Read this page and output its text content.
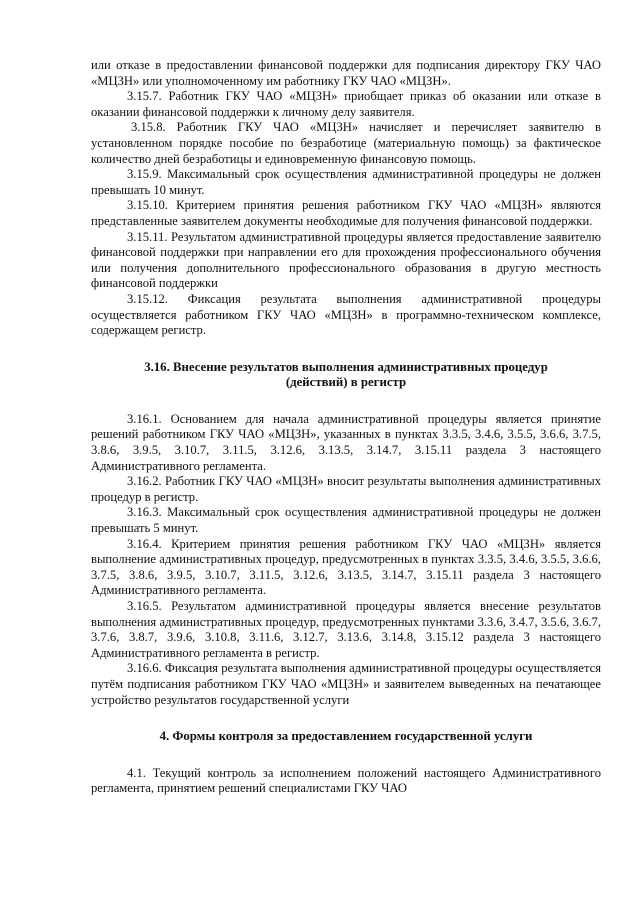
или отказе в предоставлении финансовой поддержки для подписания директору ГКУ ЧАО «МЦЗН» или уполномоченному им работнику ГКУ ЧАО «МЦЗН».

3.15.7. Работник ГКУ ЧАО «МЦЗН» приобщает приказ об оказании или отказе в оказании финансовой поддержки к личному делу заявителя.

3.15.8. Работник ГКУ ЧАО «МЦЗН» начисляет и перечисляет заявителю в установленном порядке пособие по безработице (материальную помощь) за фактическое количество дней безработицы и единовременную финансовую помощь.

3.15.9. Максимальный срок осуществления административной процедуры не должен превышать 10 минут.

3.15.10. Критерием принятия решения работником ГКУ ЧАО «МЦЗН» являются представленные заявителем документы необходимые для получения финансовой поддержки.

3.15.11. Результатом административной процедуры является предоставление заявителю финансовой поддержки при направлении его для прохождения профессионального обучения или получения дополнительного профессионального образования в другую местность финансовой поддержки

3.15.12. Фиксация результата выполнения административной процедуры осуществляется работником ГКУ ЧАО «МЦЗН» в программно-техническом комплексе, содержащем регистр.

3.16. Внесение результатов выполнения административных процедур
(действий) в регистр

3.16.1. Основанием для начала административной процедуры является принятие решений работником ГКУ ЧАО «МЦЗН», указанных в пунктах 3.3.5, 3.4.6, 3.5.5, 3.6.6, 3.7.5, 3.8.6, 3.9.5, 3.10.7, 3.11.5, 3.12.6, 3.13.5, 3.14.7, 3.15.11 раздела 3 настоящего Административного регламента.

3.16.2. Работник ГКУ ЧАО «МЦЗН» вносит результаты выполнения административных процедур в регистр.

3.16.3. Максимальный срок осуществления административной процедуры не должен превышать 5 минут.

3.16.4. Критерием принятия решения работником ГКУ ЧАО «МЦЗН» является выполнение административных процедур, предусмотренных в пунктах 3.3.5, 3.4.6, 3.5.5, 3.6.6, 3.7.5, 3.8.6, 3.9.5, 3.10.7, 3.11.5, 3.12.6, 3.13.5, 3.14.7, 3.15.11 раздела 3 настоящего Административного регламента.

3.16.5. Результатом административной процедуры является внесение результатов выполнения административных процедур, предусмотренных пунктами 3.3.6, 3.4.7, 3.5.6, 3.6.7, 3.7.6, 3.8.7, 3.9.6, 3.10.8, 3.11.6, 3.12.7, 3.13.6, 3.14.8, 3.15.12 раздела 3 настоящего Административного регламента в регистр.

3.16.6. Фиксация результата выполнения административной процедуры осуществляется путём подписания работником ГКУ ЧАО «МЦЗН» и заявителем выведенных на печатающее устройство результатов государственной услуги

4. Формы контроля за предоставлением государственной услуги

4.1. Текущий контроль за исполнением положений настоящего Административного регламента, принятием решений специалистами ГКУ ЧАО
